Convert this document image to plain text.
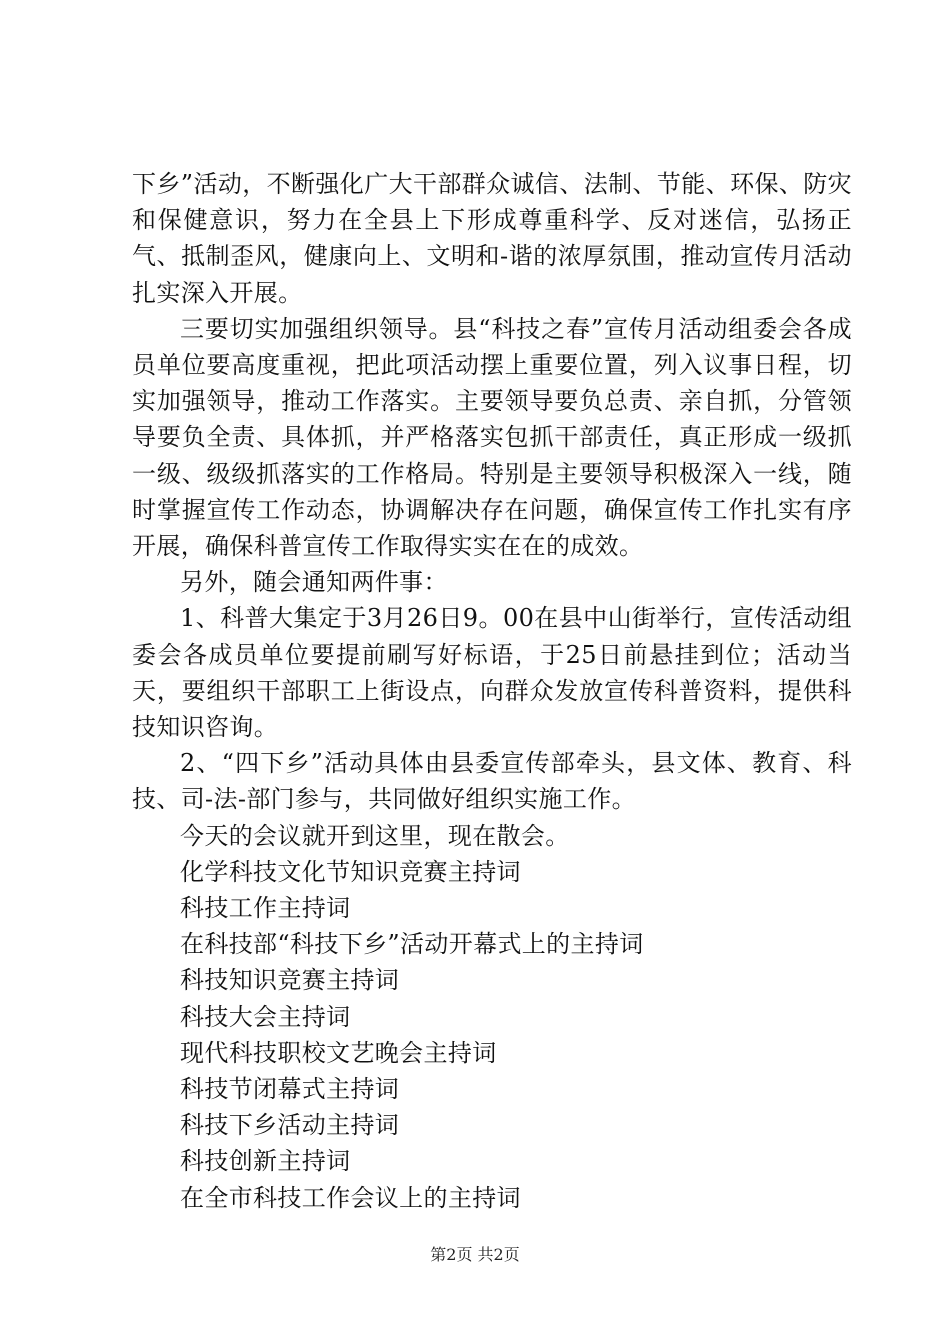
下乡”活动，不断强化广大干部群众诚信、法制、节能、环保、防灾和保健意识，努力在全县上下形成尊重科学、反对迷信，弘扬正气、抵制歪风，健康向上、文明和-谐的浓厚氛围，推动宣传月活动扎实深入开展。

三要切实加强组织领导。县“科技之春”宣传月活动组委会各成员单位要高度重视，把此项活动摆上重要位置，列入议事日程，切实加强领导，推动工作落实。主要领导要负总责、亲自抓，分管领导要负全责、具体抓，并严格落实包抓干部责任，真正形成一级抓一级、级级抓落实的工作格局。特别是主要领导积极深入一线，随时掌握宣传工作动态，协调解决存在问题，确保宣传工作扎实有序开展，确保科普宣传工作取得实实在在的成效。

另外，随会通知两件事：

1、科普大集定于3月26日9。00在县中山街举行，宣传活动组委会各成员单位要提前刷写好标语，于25日前悬挂到位；活动当天，要组织干部职工上街设点，向群众发放宣传科普资料，提供科技知识咨询。

2、“四下乡”活动具体由县委宣传部牵头，县文体、教育、科技、司-法-部门参与，共同做好组织实施工作。

今天的会议就开到这里，现在散会。

化学科技文化节知识竞赛主持词

科技工作主持词

在科技部“科技下乡”活动开幕式上的主持词

科技知识竞赛主持词

科技大会主持词

现代科技职校文艺晚会主持词

科技节闭幕式主持词

科技下乡活动主持词

科技创新主持词

在全市科技工作会议上的主持词

第2页 共2页
